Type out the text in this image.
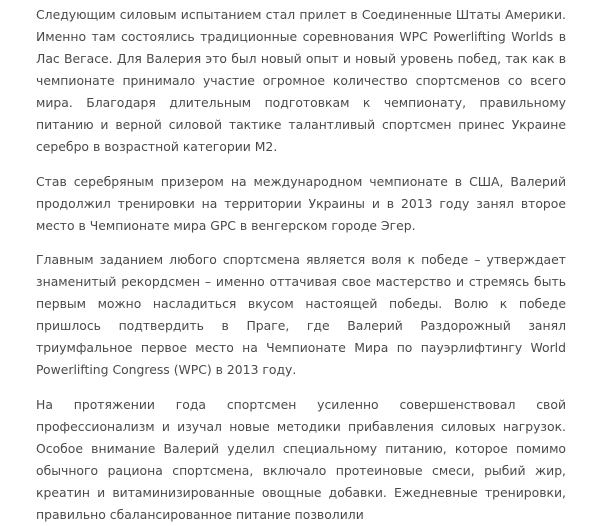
Следующим силовым испытанием стал прилет в Соединенные Штаты Америки. Именно там состоялись традиционные соревнования WPC Powerlifting Worlds в Лас Вегасе. Для Валерия это был новый опыт и новый уровень побед, так как в чемпионате принимало участие огромное количество спортсменов со всего мира. Благодаря длительным подготовкам к чемпионату, правильному питанию и верной силовой тактике талантливый спортсмен принес Украине серебро в возрастной категории М2.

Став серебряным призером на международном чемпионате в США, Валерий продолжил тренировки на территории Украины и в 2013 году занял второе место в Чемпионате мира GPC в венгерском городе Эгер.

Главным заданием любого спортсмена является воля к победе – утверждает знаменитый рекордсмен – именно оттачивая свое мастерство и стремясь быть первым можно насладиться вкусом настоящей победы. Волю к победе пришлось подтвердить в Праге, где Валерий Раздорожный занял триумфальное первое место на Чемпионате Мира по пауэрлифтингу World Powerlifting Congress (WPC) в 2013 году.

На протяжении года спортсмен усиленно совершенствовал свой профессионализм и изучал новые методики прибавления силовых нагрузок. Особое внимание Валерий уделил специальному питанию, которое помимо обычного рациона спортсмена, включало протеиновые смеси, рыбий жир, креатин и витаминизированные овощные добавки. Ежедневные тренировки, правильно сбалансированное питание позволили
